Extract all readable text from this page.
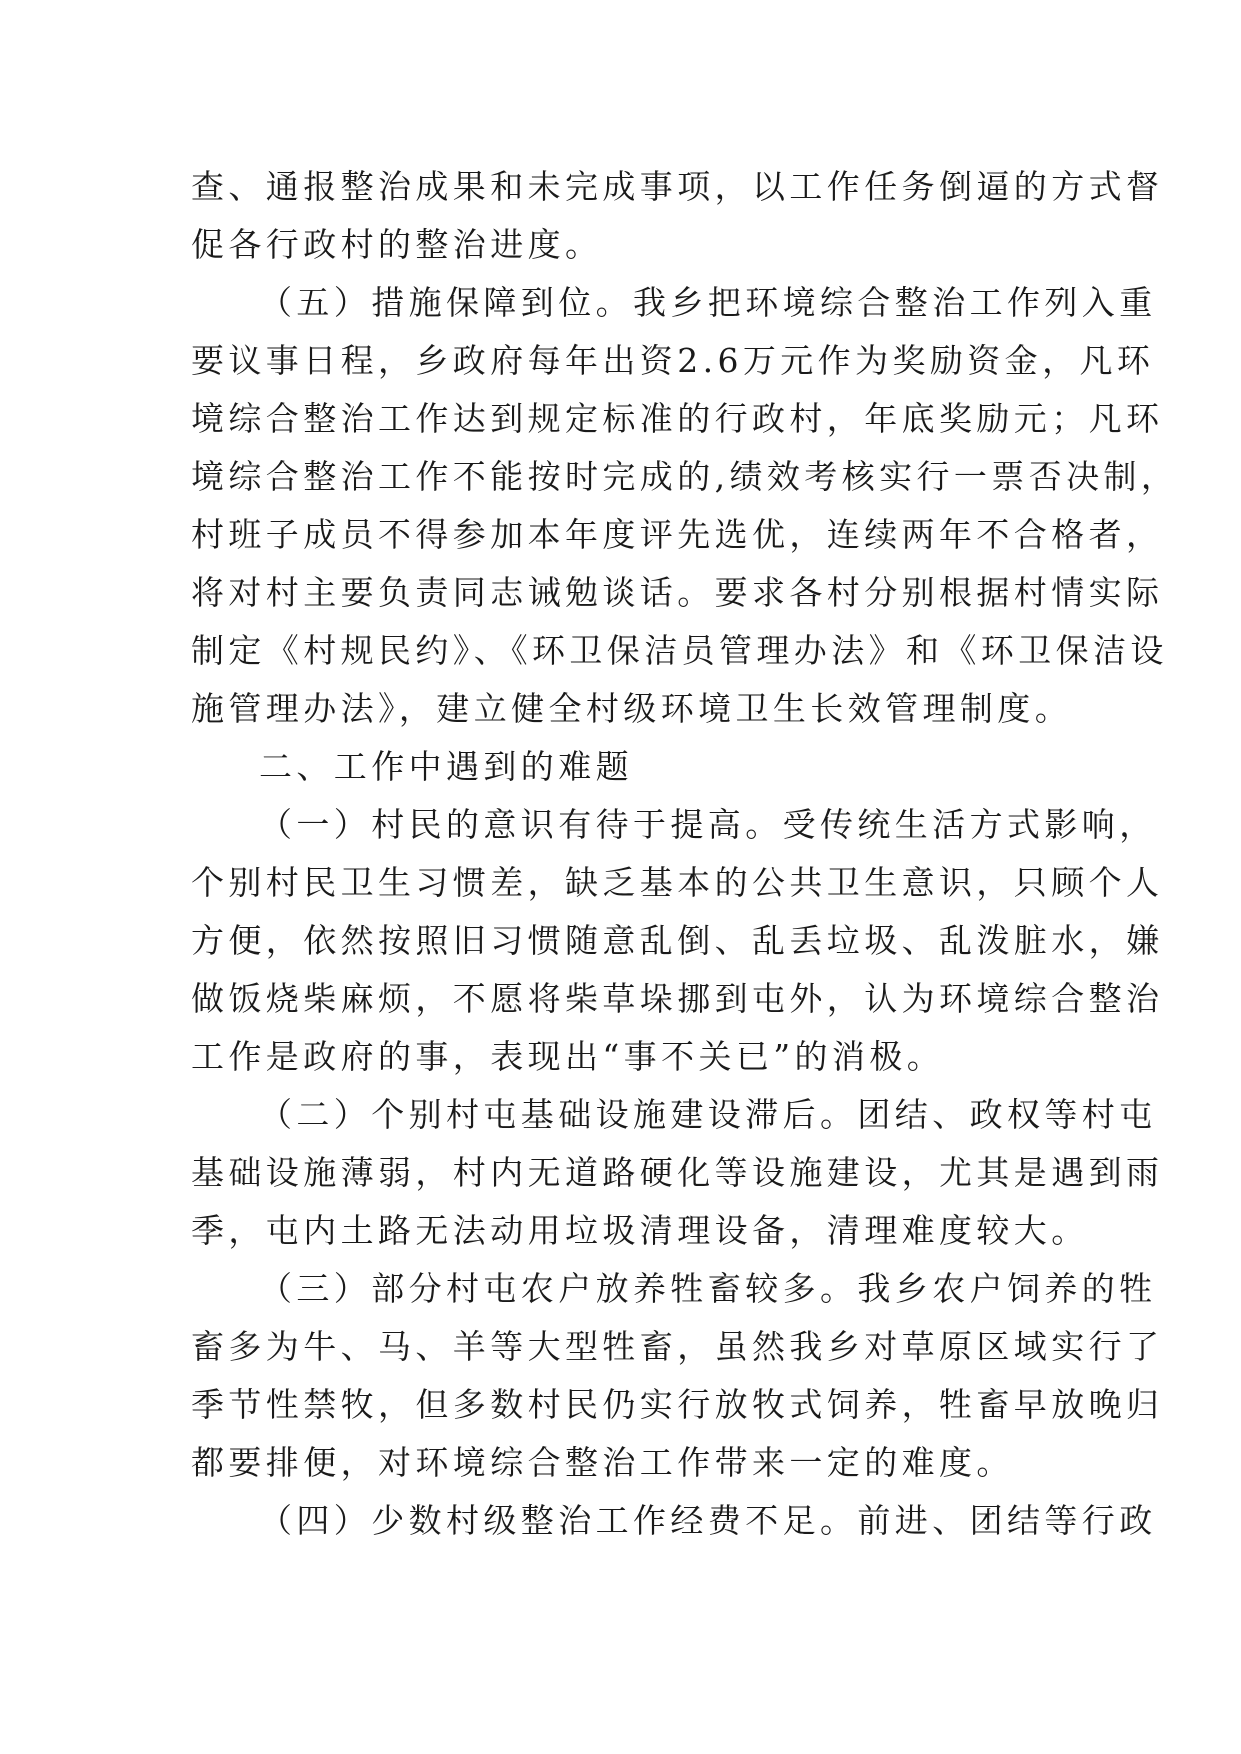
查、通报整治成果和未完成事项，以工作任务倒逼的方式督
促各行政村的整治进度。
（五）措施保障到位。我乡把环境综合整治工作列入重
要议事日程，乡政府每年出资2.6万元作为奖励资金，凡环
境综合整治工作达到规定标准的行政村，年底奖励元；凡环
境综合整治工作不能按时完成的,绩效考核实行一票否决制，
村班子成员不得参加本年度评先选优，连续两年不合格者，
将对村主要负责同志诫勉谈话。要求各村分别根据村情实际
制定《村规民约》、《环卫保洁员管理办法》和《环卫保洁设
施管理办法》，建立健全村级环境卫生长效管理制度。
二、工作中遇到的难题
（一）村民的意识有待于提高。受传统生活方式影响，
个别村民卫生习惯差，缺乏基本的公共卫生意识，只顾个人
方便，依然按照旧习惯随意乱倒、乱丢垃圾、乱泼脏水，嫌
做饭烧柴麻烦，不愿将柴草垛挪到屯外，认为环境综合整治
工作是政府的事，表现出“事不关已”的消极。
（二）个别村屯基础设施建设滞后。团结、政权等村屯
基础设施薄弱，村内无道路硬化等设施建设，尤其是遇到雨
季，屯内土路无法动用垃圾清理设备，清理难度较大。
（三）部分村屯农户放养牲畜较多。我乡农户饲养的牲
畜多为牛、马、羊等大型牲畜，虽然我乡对草原区域实行了
季节性禁牧，但多数村民仍实行放牧式饲养，牲畜早放晚归
都要排便，对环境综合整治工作带来一定的难度。
（四）少数村级整治工作经费不足。前进、团结等行政
